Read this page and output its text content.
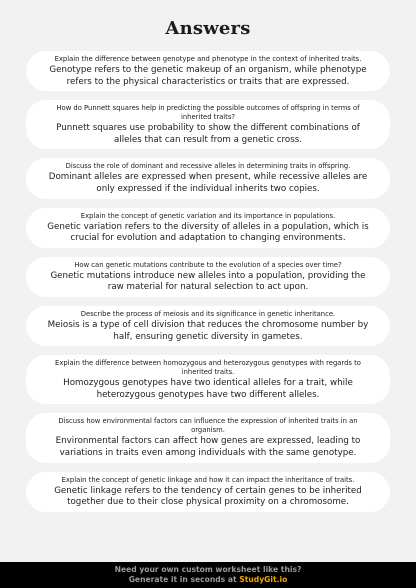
Answers
Explain the difference between genotype and phenotype in the context of inherited traits.
Genotype refers to the genetic makeup of an organism, while phenotype refers to the physical characteristics or traits that are expressed.
How do Punnett squares help in predicting the possible outcomes of offspring in terms of inherited traits?
Punnett squares use probability to show the different combinations of alleles that can result from a genetic cross.
Discuss the role of dominant and recessive alleles in determining traits in offspring.
Dominant alleles are expressed when present, while recessive alleles are only expressed if the individual inherits two copies.
Explain the concept of genetic variation and its importance in populations.
Genetic variation refers to the diversity of alleles in a population, which is crucial for evolution and adaptation to changing environments.
How can genetic mutations contribute to the evolution of a species over time?
Genetic mutations introduce new alleles into a population, providing the raw material for natural selection to act upon.
Describe the process of meiosis and its significance in genetic inheritance.
Meiosis is a type of cell division that reduces the chromosome number by half, ensuring genetic diversity in gametes.
Explain the difference between homozygous and heterozygous genotypes with regards to inherited traits.
Homozygous genotypes have two identical alleles for a trait, while heterozygous genotypes have two different alleles.
Discuss how environmental factors can influence the expression of inherited traits in an organism.
Environmental factors can affect how genes are expressed, leading to variations in traits even among individuals with the same genotype.
Explain the concept of genetic linkage and how it can impact the inheritance of traits.
Genetic linkage refers to the tendency of certain genes to be inherited together due to their close physical proximity on a chromosome.
Need your own custom worksheet like this?
Generate it in seconds at StudyGit.io
